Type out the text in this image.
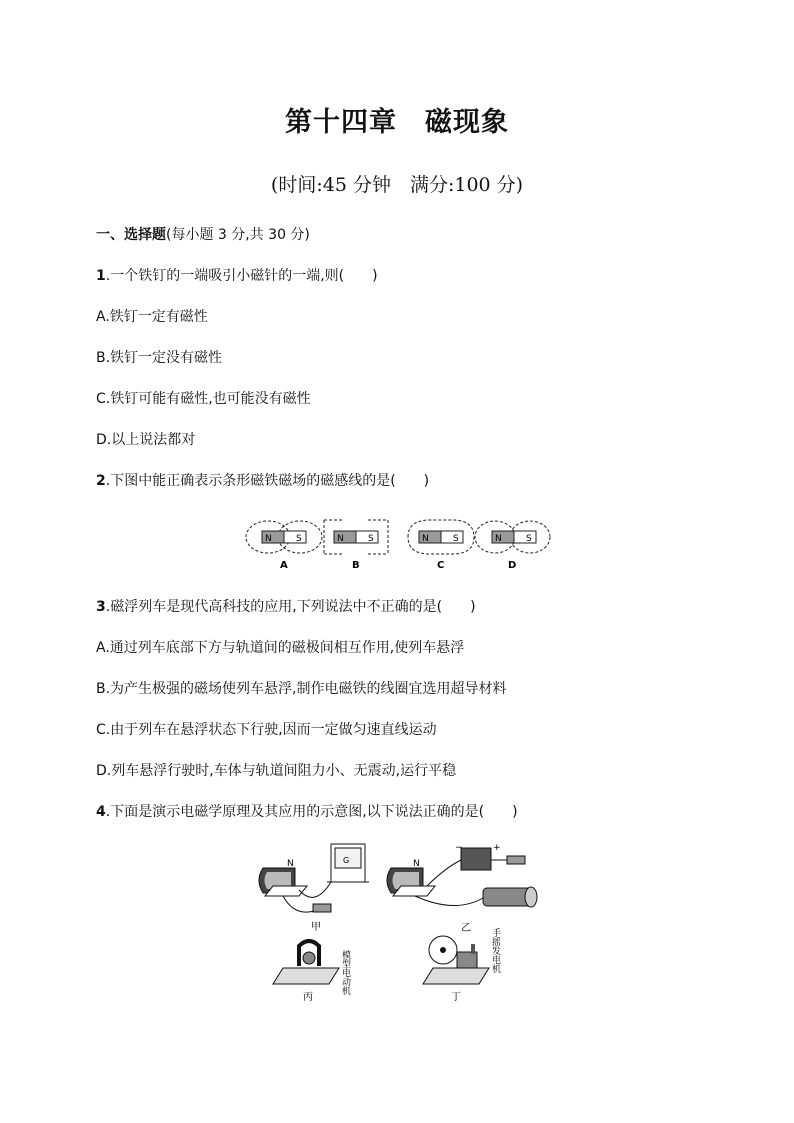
第十四章　磁现象
(时间:45 分钟　满分:100 分)
一、选择题(每小题 3 分,共 30 分)
1.一个铁钉的一端吸引小磁针的一端,则(　　)
A.铁钉一定有磁性
B.铁钉一定没有磁性
C.铁钉可能有磁性,也可能没有磁性
D.以上说法都对
2.下图中能正确表示条形磁铁磁场的磁感线的是(　　)
N	S
A
N	S
B
N	S
C
N	S
D
3.磁浮列车是现代高科技的应用,下列说法中不正确的是(　　)
A.通过列车底部下方与轨道间的磁极间相互作用,使列车悬浮
B.为产生极强的磁场使列车悬浮,制作电磁铁的线圈宜选用超导材料
C.由于列车在悬浮状态下行驶,因而一定做匀速直线运动
D.列车悬浮行驶时,车体与轨道间阻力小、无震动,运行平稳
4.下面是演示电磁学原理及其应用的示意图,以下说法正确的是(　　)
N	G
甲
N
−	+
乙
丙
模型电动机
丁
手摇发电机
